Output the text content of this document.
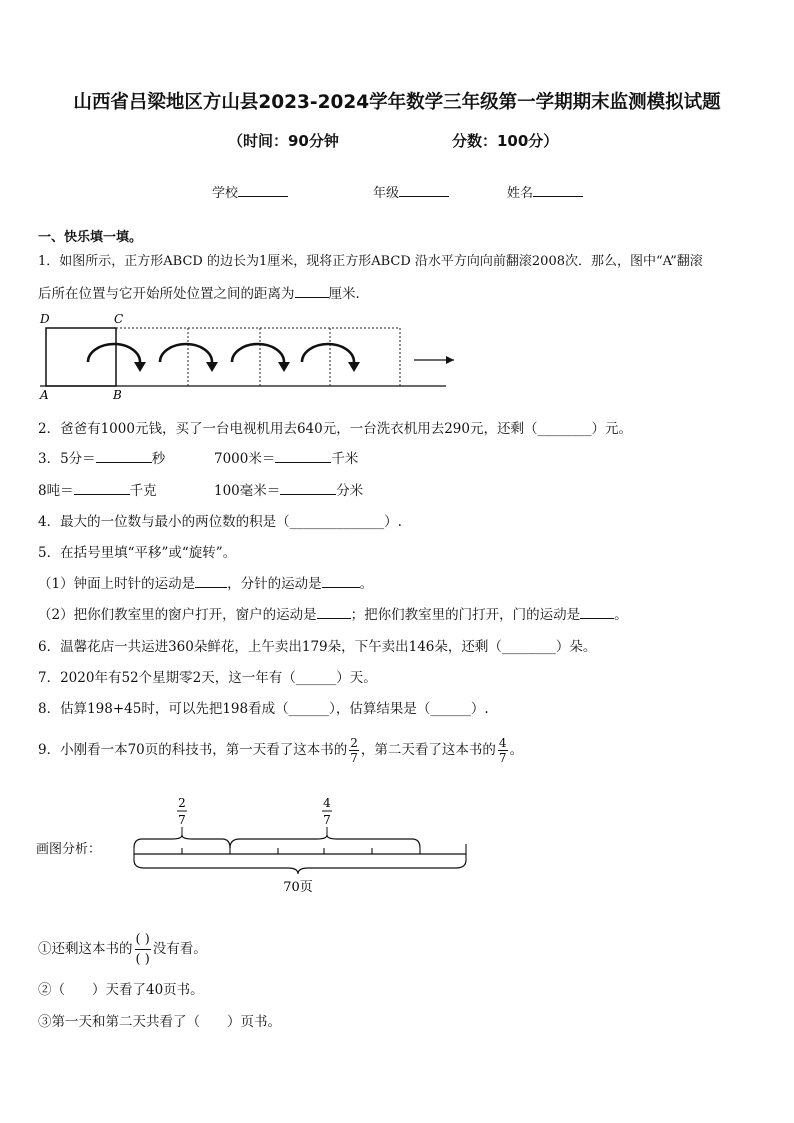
山西省吕梁地区方山县2023-2024学年数学三年级第一学期期末监测模拟试题
（时间：90分钟	分数：100分）
学校	年级	姓名
一、快乐填一填。
1．如图所示，正方形ABCD 的边长为1厘米，现将正方形ABCD 沿水平方向向前翻滚2008次．那么，图中“A”翻滚
后所在位置与它开始所处位置之间的距离为	厘米．
D	C
A	B
2．爸爸有1000元钱，买了一台电视机用去640元，一台洗衣机用去290元，还剩（________）元。
3．5分＝	秒	7000米＝	千米
8吨＝	千克	100毫米＝	分米
4．最大的一位数与最小的两位数的积是（______________）.
5．在括号里填“平移”或“旋转”。
（1）钟面上时针的运动是 ，分针的运动是	。
（2）把你们教室里的窗户打开，窗户的运动是	；把你们教室里的门打开，门的运动是	。
6．温馨花店一共运进360朵鲜花，上午卖出179朵，下午卖出146朵，还剩（________）朵。
7．2020年有52个星期零2天，这一年有（______）天。
8．估算198+45时，可以先把198看成（______），估算结果是（______）.
9．小刚看一本70页的科技书，第一天看了这本书的 $\frac{2}{7}$ ，第二天看了这本书的 $\frac{4}{7}$ 。
画图分析：
2
7
4
7
70页
①还剩这本书的 $\frac{( )}{( )}$ 没有看。
②（　　）天看了40页书。
③第一天和第二天共看了（　　）页书。
